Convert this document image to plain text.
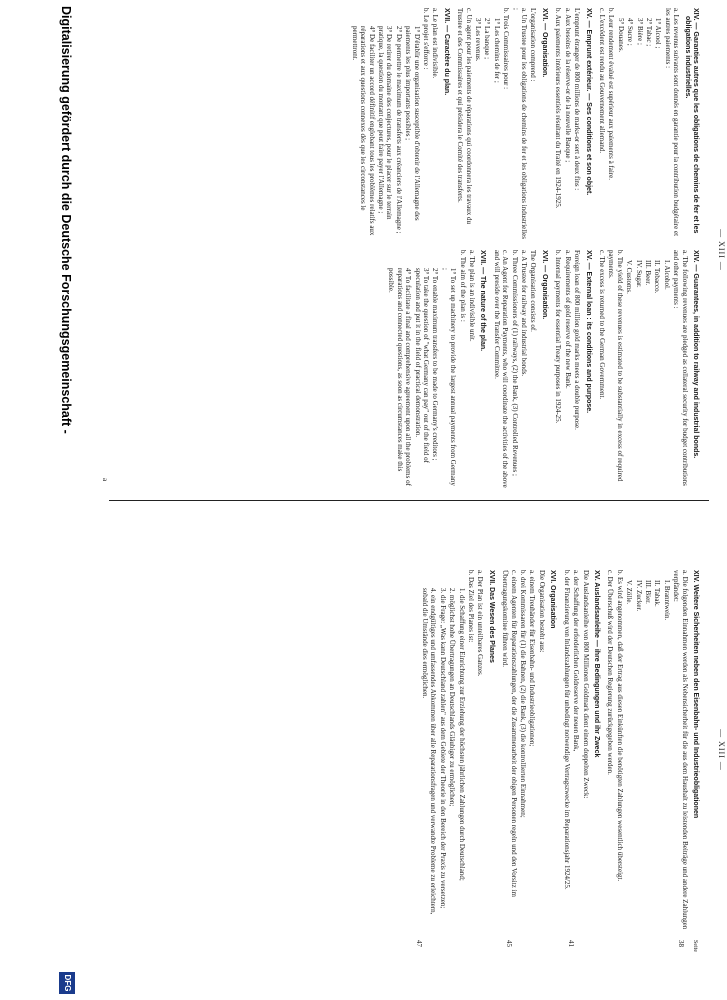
— XIII —
XIV. — Garanties autres que les obligations de chemins de fer et les obligations industrielles.
a. Les revenus suivants sont donnés en garantie pour la contribution budgétaire et les autres paiements :
1° Alcool ;
2° Tabac ;
3° Bière ;
4° Sucre ;
5° Douanes.
b. Leur rendement évalué est supérieur aux paiements à faire.
c. L'excédent est rendu au Gouvernement allemand.
XV. — Emprunt extérieur. — Ses conditions et son objet.
L'emprunt étranger de 800 millions de marks-or sert à deux fins :
a. Aux besoins de la réserve-or de la nouvelle Banque ;
b. Aux paiements intérieurs essentiels résultant du Traité en 1924-1925.
XVI. — Organisation.
L'organisation comprend :
a. Un Trustee pour les obligations de chemins de fer et les obligations industrielles ;
b. Trois Commissaires pour :
1° Les chemins de fer ;
2° La banque ;
3° Les revenus.
c. Un agent pour les paiements de réparations qui coordonnera les travaux du Trustee et des Commissaires et qui présidera le Comité des transferts.
XVII. — Caractère du plan.
a. Le plan est indivisible.
b. Le projet s'efforce :
1° D'établir une organisation susceptible d'obtenir de l'Allemagne des paiements les plus importants possibles ;
2° De permettre le maximum de transferts aux créanciers de l'Allemagne ;
3° De retirer du domaine des conjectures, pour le placer sur le terrain pratique, la question du montant que peut faire payer l'Allemagne ;
4° De faciliter un accord définitif englobant tous les problèmes relatifs aux réparations et aux questions connexes dès que les circonstances le permettront.
XIV. — Guarantees, in addition to railway and industrial bonds.
a. The following revenues are pledged as collateral security for budget contributions and other payments :
I. Alcohol.
II. Tobacco.
III. Beer.
IV. Sugar.
V. Customs.
b. The yield of these revenues is estimated to be substantially in excess of required payments.
c. The excess is returned to the German Government.
XV. — External loan : its conditions and purpose.
Foreign loan of 800 million gold marks meets a double purpose.
a. Requirements of gold reserve of the new Bank.
b. Internal payments for essential Treaty purposes in 1924-25.
XVI. — Organisation.
The Organisation consists of.
a. A Trustee for railway and industrial bonds.
b. Three Commissioners of (1) railways, (2) the Bank, (3) Controlled Revenues ;
c. An Agent for Reparation Payments, who will coordinate the activities of the above and will preside over the Transfer Committee.
XVII. — The nature of the plan.
a. The plan is an indivisible unit.
b. The aim of the plan is :
1° To set up machinery to provide the largest annual payments from Germany ;
2° To enable maximum transfers to be made to Germany's creditors ;
3° To take the question of "what Germany can pay" out of the field of speculation and put it in the field of practical demonstration.
4° To facilitate a final and comprehensive agreement upon all the problems of reparations and connected questions, as soon as circumstances make this possible.
— XIII —
XIV. Weitere Sicherheiten neben den Eisenbahn- und Industrieobligationen
a. Die folgenden Einnahmen werden als Nebensicherheit für die aus dem Haushalt zu leistenden Beiträge und andere Zahlungen verpfändet:
I. Branntwein.
II. Tabak.
III. Bier.
IV. Zucker.
V. Zölle.
b. Es wird angenommen, daß der Ertrag aus diesen Einkünften die benötigten Zahlungen wesentlich übersteigt.
c. Der Überschuß wird der Deutschen Regierung zurückgegeben werden.
XV. Auslandsanleihe — ihre Bedingungen und ihr Zweck
Die Auslandsanleihe von 800 Millionen Goldmark dient einem doppelten Zweck:
a. der Schaffung der erforderlichen Goldreserve der neuen Bank,
b. der Finanzierung von Inlandszahlungen für unbedingt notwendige Vertragszwecke im Reparationsjahr 1924/25.
XVI. Organisation
Die Organisation besteht aus:
a. einem Treuhänder für Eisenbahn- und Industrieobligationen;
b. drei Kommissaren für (1) die Bahnen, (2) die Bank, (3) die kontrollierten Einnahmen;
c. einem Agenten für Reparationszahlungen, der die Zusammenarbeit der obigen Personen regeln und den Vorsitz im Übertragungskomitee führen wird.
XVII. Das Wesen des Planes
a. Der Plan ist ein unteilbares Ganzes.
b. Das Ziel des Planes ist:
1. die Schaffung einer Einrichtung zur Erziehung der höchsten jährlichen Zahlungen durch Deutschland;
2. möglichst hohe Übertragungen an Deutschlands Gläubiger zu ermöglichen;
3. die Frage: „Was kann Deutschland zahlen" aus dem Gebiete der Theorie in den Bereich der Praxis zu versetzen;
4. ein endgültiges und umfassendes Abkommen über alle Reparationsfragen und verwandte Probleme zu erleichtern, sobald die Umstände dies ermöglichen.
Seite
38
41
45
47
a
Digitalisierung gefördert durch die Deutsche Forschungsgemeinschaft -
DFG
